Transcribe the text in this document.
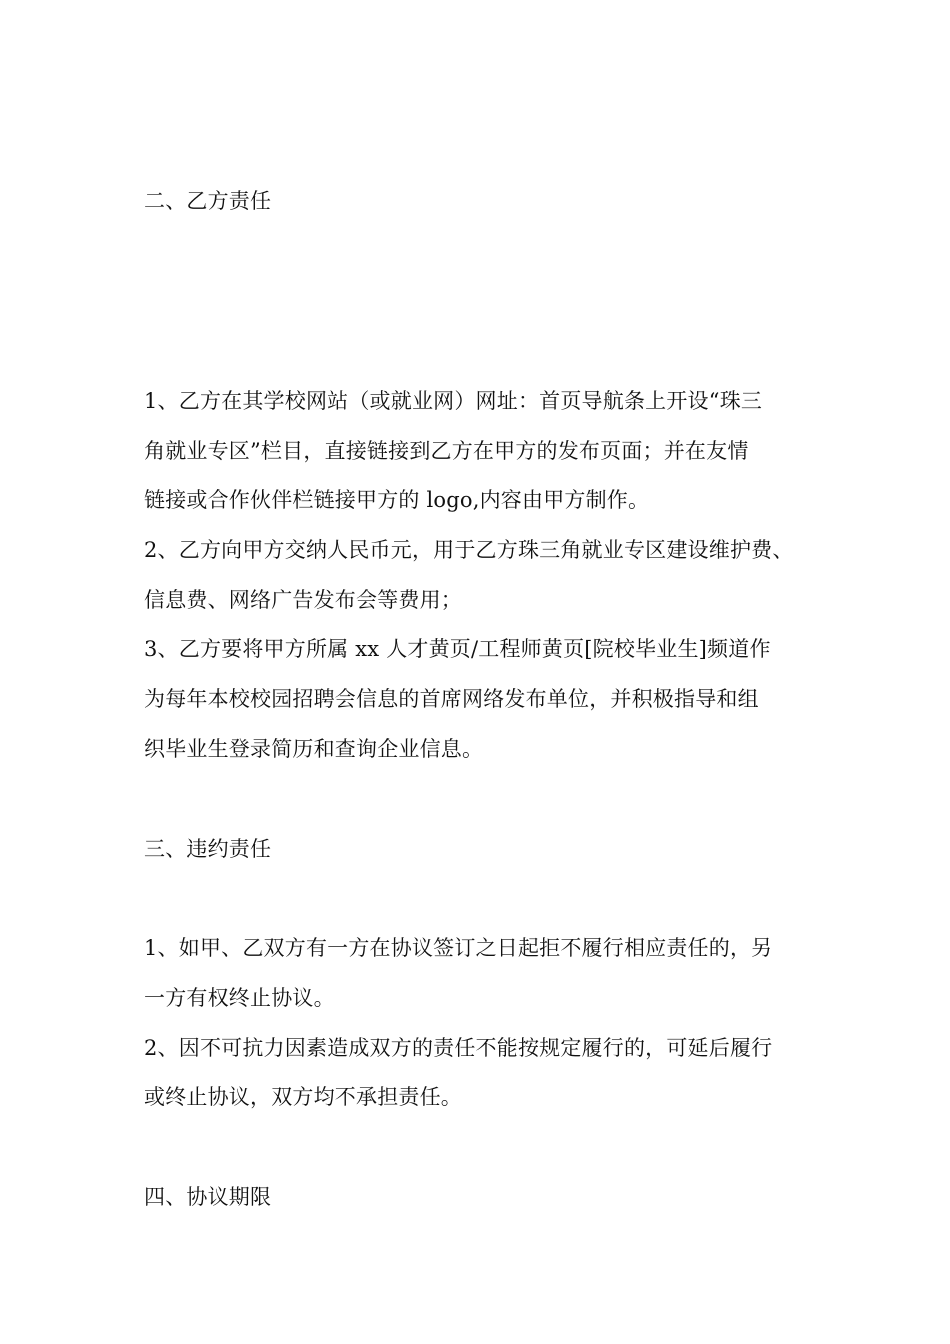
二、乙方责任
1、乙方在其学校网站（或就业网）网址：首页导航条上开设“珠三
角就业专区”栏目，直接链接到乙方在甲方的发布页面；并在友情
链接或合作伙伴栏链接甲方的 logo,内容由甲方制作。
2、乙方向甲方交纳人民币元，用于乙方珠三角就业专区建设维护费、
信息费、网络广告发布会等费用；
3、乙方要将甲方所属 xx 人才黄页/工程师黄页[院校毕业生]频道作
为每年本校校园招聘会信息的首席网络发布单位，并积极指导和组
织毕业生登录简历和查询企业信息。
三、违约责任
1、如甲、乙双方有一方在协议签订之日起拒不履行相应责任的，另
一方有权终止协议。
2、因不可抗力因素造成双方的责任不能按规定履行的，可延后履行
或终止协议，双方均不承担责任。
四、协议期限
